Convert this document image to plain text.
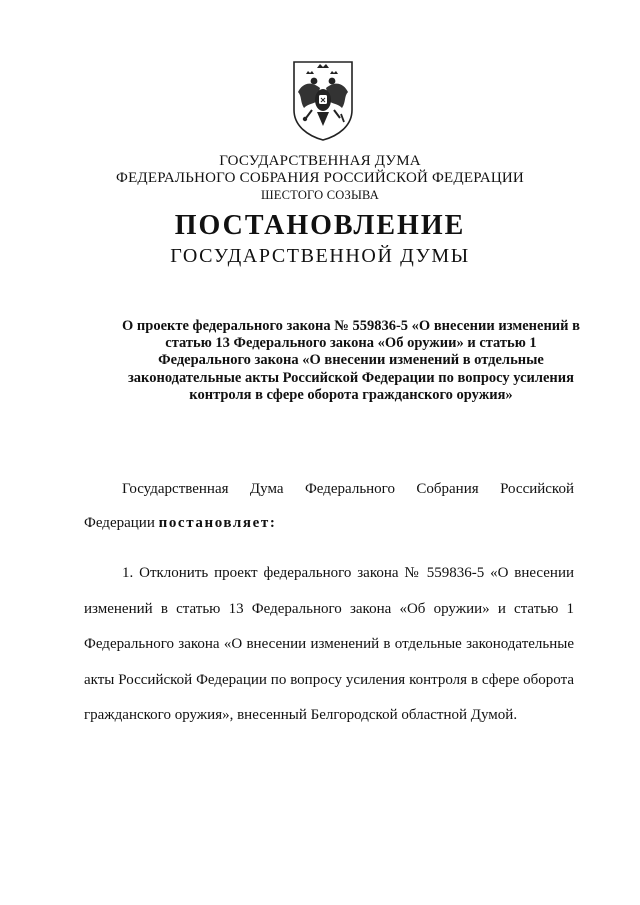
ГОСУДАРСТВЕННАЯ ДУМА
ФЕДЕРАЛЬНОГО СОБРАНИЯ РОССИЙСКОЙ ФЕДЕРАЦИИ
ШЕСТОГО СОЗЫВА
ПОСТАНОВЛЕНИЕ
ГОСУДАРСТВЕННОЙ ДУМЫ
О проекте федерального закона № 559836-5 «О внесении изменений в статью 13 Федерального закона «Об оружии» и статью 1 Федерального закона «О внесении изменений в отдельные законодательные акты Российской Федерации по вопросу усиления контроля в сфере оборота гражданского оружия»
Государственная Дума Федерального Собрания Российской Федерации постановляет:
1. Отклонить проект федерального закона № 559836-5 «О внесении изменений в статью 13 Федерального закона «Об оружии» и статью 1 Федерального закона «О внесении изменений в отдельные законодательные акты Российской Федерации по вопросу усиления контроля в сфере оборота гражданского оружия», внесенный Белгородской областной Думой.
